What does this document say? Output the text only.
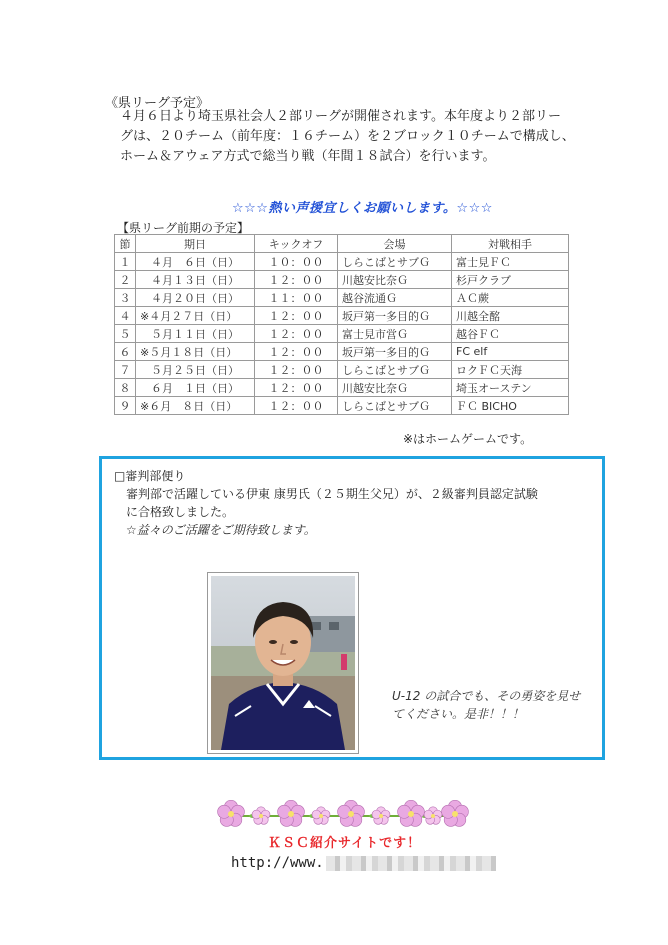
《県リーグ予定》

４月６日より埼玉県社会人２部リーグが開催されます。本年度より２部リー

グは、２０チーム（前年度：１６チーム）を２ブロック１０チームで構成し、

ホーム＆アウェア方式で総当り戦（年間１８試合）を行います。

☆☆☆熱い声援宜しくお願いします。☆☆☆
【県リーグ前期の予定】
節	期日	キックオフ	会場	対戦相手
１	　４月　６日（日）	１０：００	しらこばとサブＧ	富士見ＦＣ
２	　４月１３日（日）	１２：００	川越安比奈Ｇ	杉戸クラブ
３	　４月２０日（日）	１１：００	越谷流通Ｇ	ＡＣ蕨
４	※４月２７日（日）	１２：００	坂戸第一多目的Ｇ	川越全酩
５	　５月１１日（日）	１２：００	富士見市営Ｇ	越谷ＦＣ
６	※５月１８日（日）	１２：００	坂戸第一多目的Ｇ	FC elf
７	　５月２５日（日）	１２：００	しらこばとサブＧ	ロクＦＣ天海
８	　６月　１日（日）	１２：００	川越安比奈Ｇ	埼玉オーステン
９	※６月　８日（日）	１２：００	しらこばとサブＧ	ＦＣ BICHO
※はホームゲームです。
□審判部便り

審判部で活躍している伊東 康男氏（２５期生父兄）が、２級審判員認定試験

に合格致しました。

☆益々のご活躍をご期待致します。

U-12 の試合でも、その勇姿を見せ

てください。是非！！！

ＫＳＣ紹介サイトです！
http://www.
